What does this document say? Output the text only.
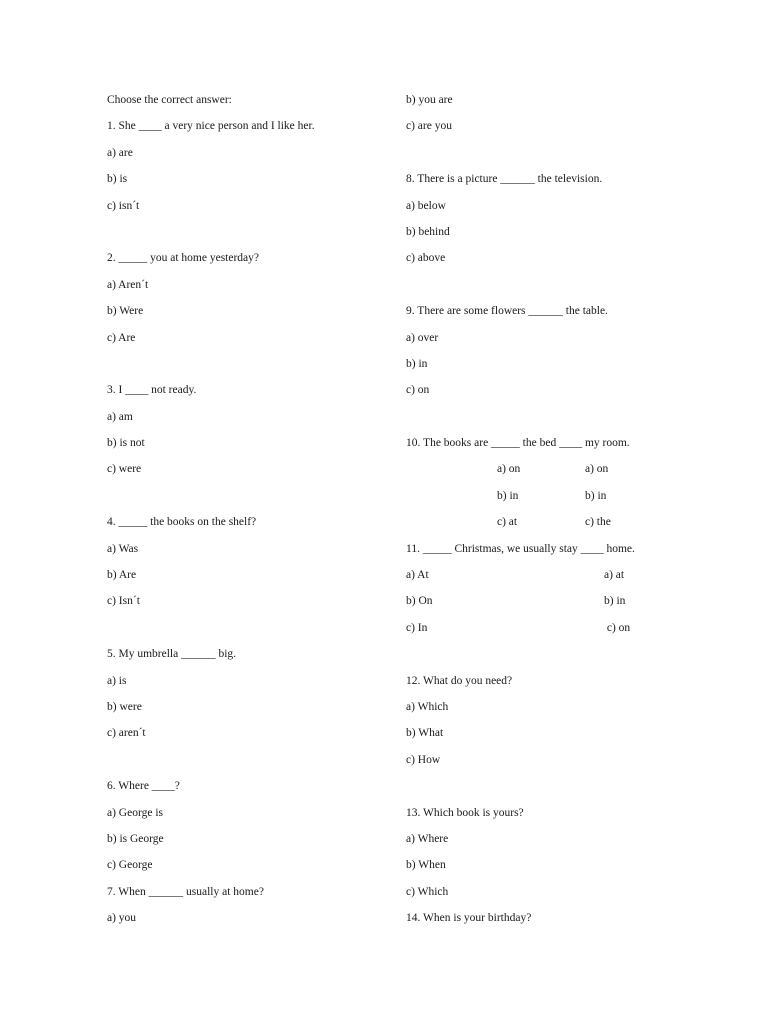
Choose the correct answer:
1. She ____ a very nice person and I like her.
a) are
b) is
c) isn´t
2. _____ you at home yesterday?
a) Aren´t
b) Were
c) Are
3. I ____ not ready.
a) am
b) is not
c) were
4. _____ the books on the shelf?
a) Was
b) Are
c) Isn´t
5. My umbrella ______ big.
a) is
b) were
c) aren´t
6. Where ____?
a) George is
b) is George
c) George
7. When ______ usually at home?
a) you
b) you are
c) are you
8. There is a picture ______ the television.
a) below
b) behind
c) above
9. There are some flowers ______ the table.
a) over
b) in
c) on
10. The books are _____ the bed ____ my room.

a) on

	a) on

b) in

	b) in

c) at

	c) the

11. _____ Christmas, we usually stay ____ home.

a) At

	a) at

b) On

	b) in

c) In

	c) on

12. What do you need?
a) Which
b) What
c) How
13. Which book is yours?
a) Where
b) When
c) Which
14. When is your birthday?
